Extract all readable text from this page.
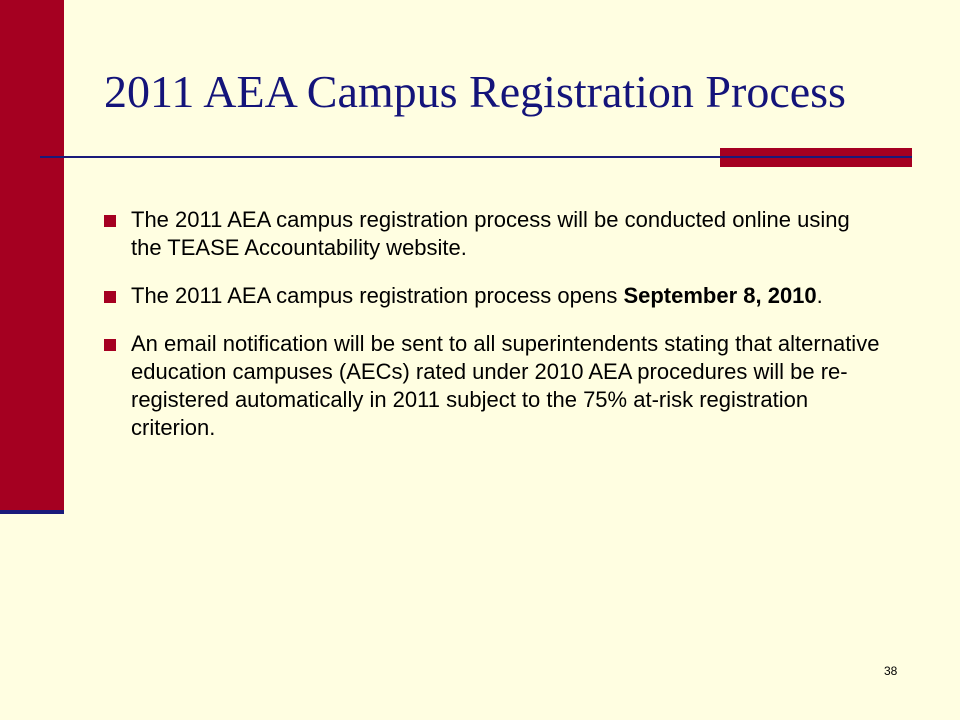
2011 AEA Campus Registration Process
The 2011 AEA campus registration process will be conducted online using the TEASE Accountability website.
The 2011 AEA campus registration process opens September 8, 2010.
An email notification will be sent to all superintendents stating that alternative education campuses (AECs) rated under 2010 AEA procedures will be re-registered automatically in 2011 subject to the 75% at-risk registration criterion.
38
